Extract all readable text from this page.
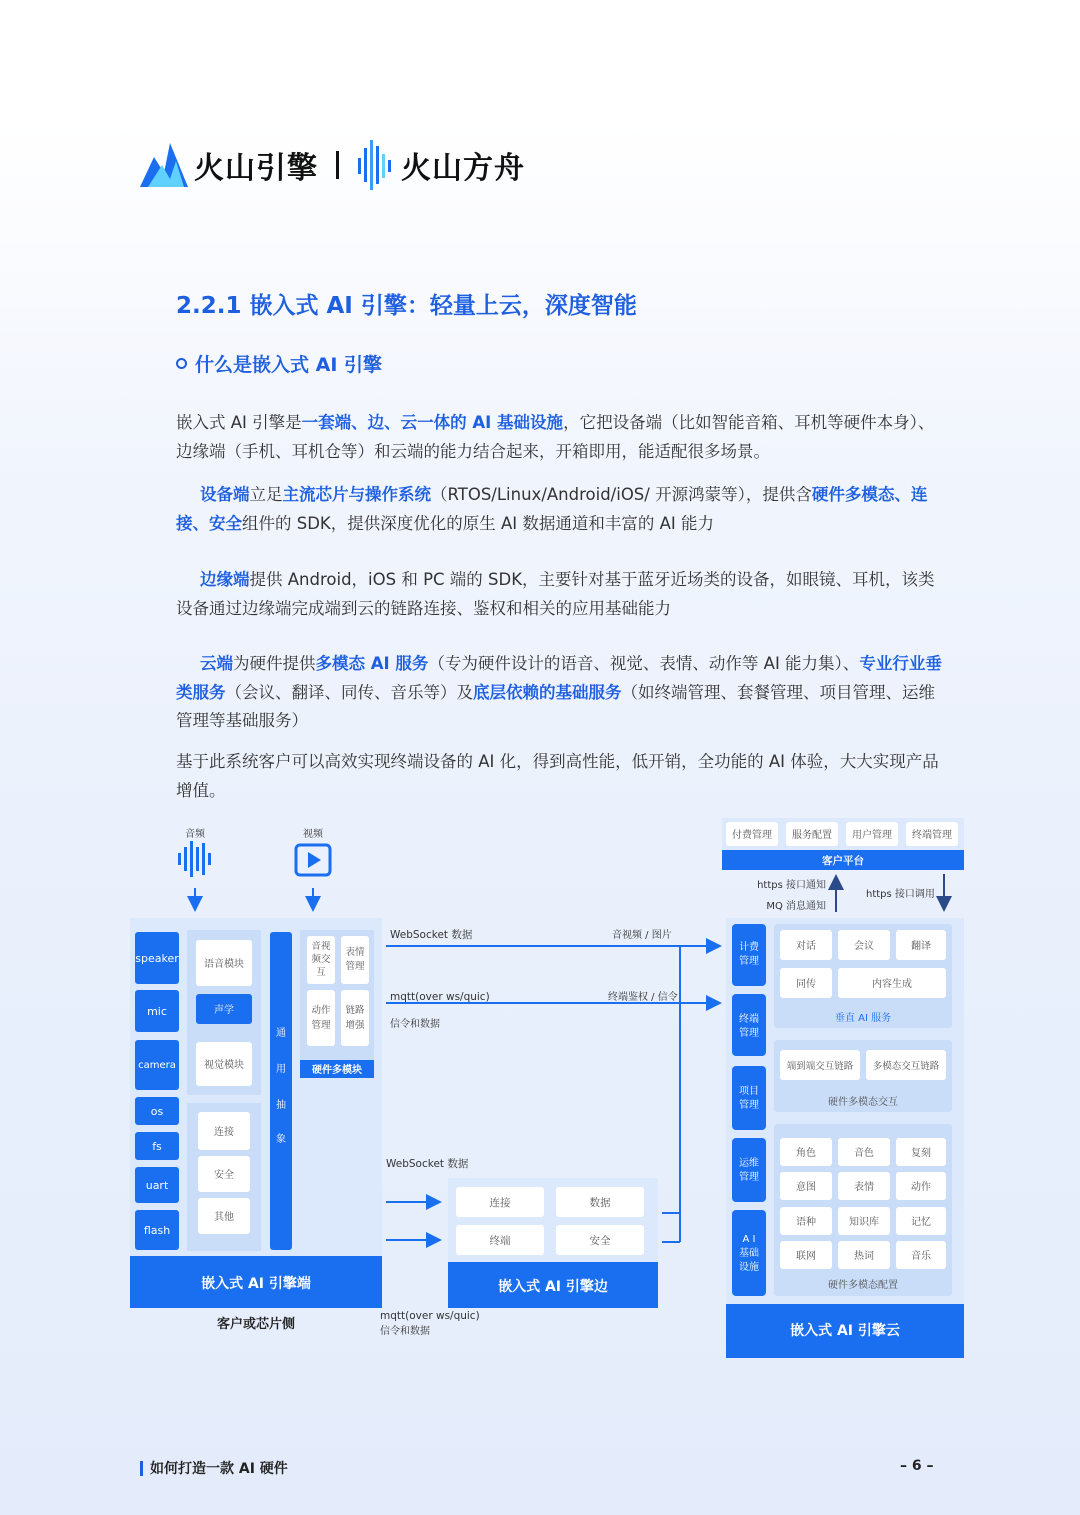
火山引擎	火山方舟
2.2.1 嵌入式 AI 引擎：轻量上云，深度智能
什么是嵌入式 AI 引擎

嵌入式 AI 引擎是一套端、边、云一体的 AI 基础设施，它把设备端（比如智能音箱、耳机等硬件本身）、边缘端（手机、耳机仓等）和云端的能力结合起来，开箱即用，能适配很多场景。

设备端立足主流芯片与操作系统（RTOS/Linux/Android/iOS/ 开源鸿蒙等），提供含硬件多模态、连接、安全组件的 SDK，提供深度优化的原生 AI 数据通道和丰富的 AI 能力

边缘端提供 Android，iOS 和 PC 端的 SDK，主要针对基于蓝牙近场类的设备，如眼镜、耳机，该类设备通过边缘端完成端到云的链路连接、鉴权和相关的应用基础能力

云端为硬件提供多模态 AI 服务（专为硬件设计的语音、视觉、表情、动作等 AI 能力集）、专业行业垂类服务（会议、翻译、同传、音乐等）及底层依赖的基础服务（如终端管理、套餐管理、项目管理、运维管理等基础服务）

基于此系统客户可以高效实现终端设备的 AI 化，得到高性能，低开销，全功能的 AI 体验，大大实现产品增值。

音频	视频
speaker
mic
camera
os
fs
uart
flash
语音模块
声学
视觉模块
连接
安全
其他
通
用
抽
象
音视
频交
互
表情
管理
动作
管理
链路
增强
硬件多模块
嵌入式 AI 引擎端
客户或芯片侧
WebSocket 数据	音视频 / 图片
mqtt(over ws/quic)	终端鉴权 / 信令
信令和数据
WebSocket 数据
连接	数据
终端	安全
嵌入式 AI 引擎边
mqtt(over ws/quic)
信令和数据
付费管理 服务配置 用户管理 终端管理
客户平台
https 接口通知
MQ 消息通知
https 接口调用
计费
管理
终端
管理
项目
管理
运维
管理
A I
基础
设施
对话	会议	翻译
同传	内容生成
垂直 AI 服务
端到端交互链路 多模态交互链路
硬件多模态交互
角色	音色	复刻
意图	表情	动作
语种	知识库	记忆
联网	热词	音乐
硬件多模态配置
嵌入式 AI 引擎云
如何打造一款 AI 硬件	– 6 –
